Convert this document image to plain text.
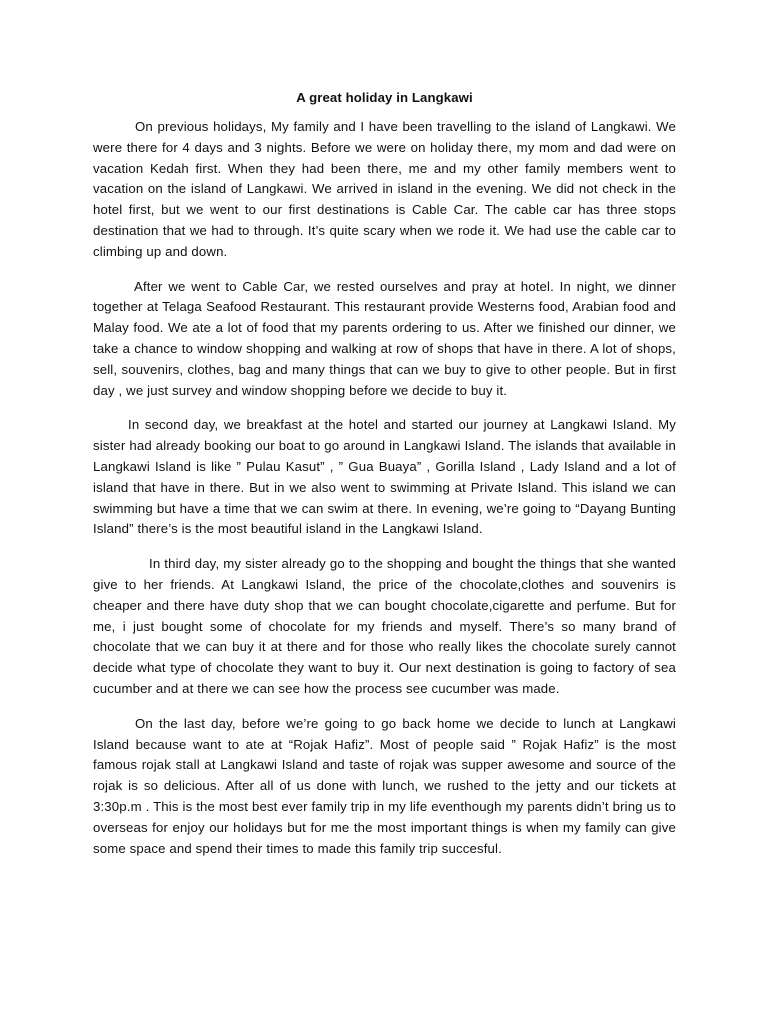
A great holiday in Langkawi

On previous holidays, My family and I have been travelling to the island of Langkawi. We were there for 4 days and 3 nights. Before we were on holiday there, my mom and dad were on vacation Kedah first. When they had been there, me and my other family members went to vacation on the island of Langkawi. We arrived in island in the evening. We did not check in the hotel first, but we went to our first destinations is Cable Car. The cable car has three stops destination that we had to through. It’s quite scary when we rode it. We had use the cable car to climbing up and down.

After we went to Cable Car, we rested ourselves and pray at hotel. In night, we dinner together at Telaga Seafood Restaurant. This restaurant provide Westerns food, Arabian food and Malay food. We ate a lot of food that my parents ordering to us. After we finished our dinner, we take a chance to window shopping and walking at row of shops that have in there. A lot of shops, sell, souvenirs, clothes, bag and many things that can we buy to give to other people. But in first day , we just survey and window shopping before we decide to buy it.

In second day, we breakfast at the hotel and started our journey at Langkawi Island. My sister had already booking our boat to go around in Langkawi Island. The islands that available in Langkawi Island is like ” Pulau Kasut” , ” Gua Buaya” , Gorilla Island , Lady Island and a lot of island that have in there. But in we also went to swimming at Private Island. This island we can swimming but have a time that we can swim at there. In evening, we’re going to “Dayang Bunting Island” there’s is the most beautiful island in the Langkawi Island.

In third day, my sister already go to the shopping and bought the things that she wanted give to her friends. At Langkawi Island, the price of the chocolate,clothes and souvenirs is cheaper and there have duty shop that we can bought chocolate,cigarette and perfume. But for me, i just bought some of chocolate for my friends and myself. There’s so many brand of chocolate that we can buy it at there and for those who really likes the chocolate surely cannot decide what type of chocolate they want to buy it. Our next destination is going to factory of sea cucumber and at there we can see how the process see cucumber was made.

On the last day, before we’re going to go back home we decide to lunch at Langkawi Island because want to ate at “Rojak Hafiz”. Most of people said ” Rojak Hafiz” is the most famous rojak stall at Langkawi Island and taste of rojak was supper awesome and source of the rojak is so delicious. After all of us done with lunch, we rushed to the jetty and our tickets at 3:30p.m . This is the most best ever family trip in my life eventhough my parents didn’t bring us to overseas for enjoy our holidays but for me the most important things is when my family can give some space and spend their times to made this family trip succesful.
